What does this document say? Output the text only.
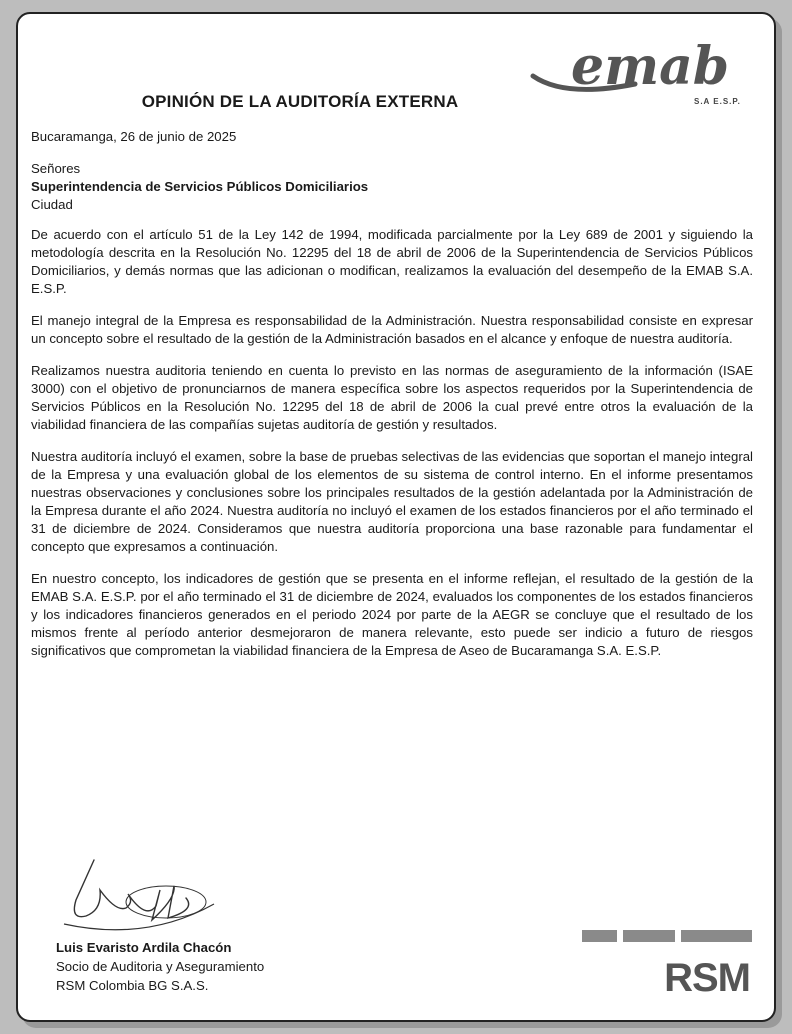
emab
S.A E.S.P.
OPINIÓN DE LA AUDITORÍA EXTERNA

Bucaramanga, 26 de junio de 2025

Señores

Superintendencia de Servicios Públicos Domiciliarios

Ciudad

De acuerdo con el artículo 51 de la Ley 142 de 1994, modificada parcialmente por la Ley 689 de 2001 y siguiendo la metodología descrita en la Resolución No. 12295 del 18 de abril de 2006 de la Superintendencia de Servicios Públicos Domiciliarios, y demás normas que las adicionan o modifican, realizamos la evaluación del desempeño de la EMAB S.A. E.S.P.

El manejo integral de la Empresa es responsabilidad de la Administración. Nuestra responsabilidad consiste en expresar un concepto sobre el resultado de la gestión de la Administración basados en el alcance y enfoque de nuestra auditoría.

Realizamos nuestra auditoria teniendo en cuenta lo previsto en las normas de aseguramiento de la información (ISAE 3000) con el objetivo de pronunciarnos de manera específica sobre los aspectos requeridos por la Superintendencia de Servicios Públicos en la Resolución No. 12295 del 18 de abril de 2006 la cual prevé entre otros la evaluación de la viabilidad financiera de las compañías sujetas auditoría de gestión y resultados.

Nuestra auditoría incluyó el examen, sobre la base de pruebas selectivas de las evidencias que soportan el manejo integral de la Empresa y una evaluación global de los elementos de su sistema de control interno. En el informe presentamos nuestras observaciones y conclusiones sobre los principales resultados de la gestión adelantada por la Administración de la Empresa durante el año 2024. Nuestra auditoría no incluyó el examen de los estados financieros por el año terminado el 31 de diciembre de 2024. Consideramos que nuestra auditoría proporciona una base razonable para fundamentar el concepto que expresamos a continuación.

En nuestro concepto, los indicadores de gestión que se presenta en el informe reflejan, el resultado de la gestión de la EMAB S.A. E.S.P. por el año terminado el 31 de diciembre de 2024, evaluados los componentes de los estados financieros y los indicadores financieros generados en el periodo 2024 por parte de la AEGR se concluye que el resultado de los mismos frente al período anterior desmejoraron de manera relevante, esto puede ser indicio a futuro de riesgos significativos que comprometan la viabilidad financiera de la Empresa de Aseo de Bucaramanga S.A. E.S.P.

Luis Evaristo Ardila Chacón
Socio de Auditoria y Aseguramiento
RSM Colombia BG S.A.S.	RSM
